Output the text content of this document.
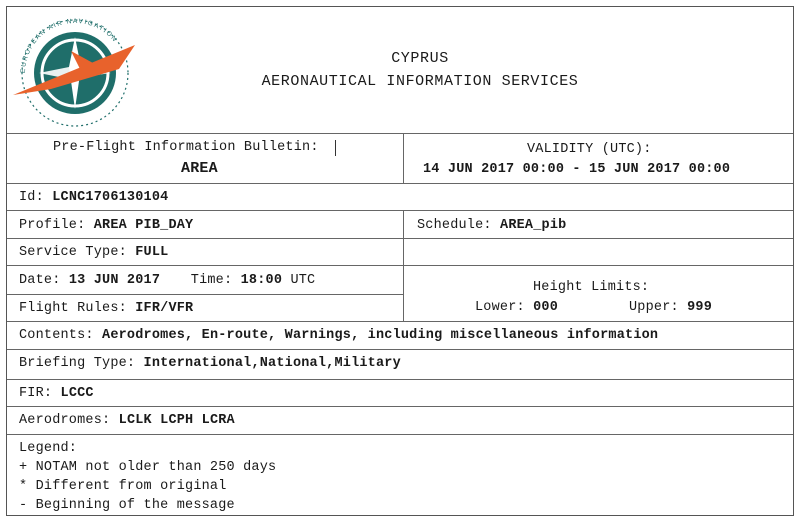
EUROPEAN AIR NAVIGATION
CYPRUS
AERONAUTICAL INFORMATION SERVICES
Pre-Flight Information Bulletin:
AREA
VALIDITY (UTC):
14 JUN 2017 00:00 - 15 JUN 2017 00:00
Id: LCNC1706130104
Profile: AREA PIB_DAY	Schedule: AREA_pib
Service Type: FULL
Date: 13 JUN 2017 Time: 18:00 UTC
Flight Rules: IFR/VFR
Height Limits:
Lower: 000	Upper: 999
Contents: Aerodromes, En-route, Warnings, including miscellaneous information
Briefing Type: International,National,Military
FIR: LCCC
Aerodromes: LCLK LCPH LCRA
Legend:
+ NOTAM not older than 250 days
* Different from original
- Beginning of the message
